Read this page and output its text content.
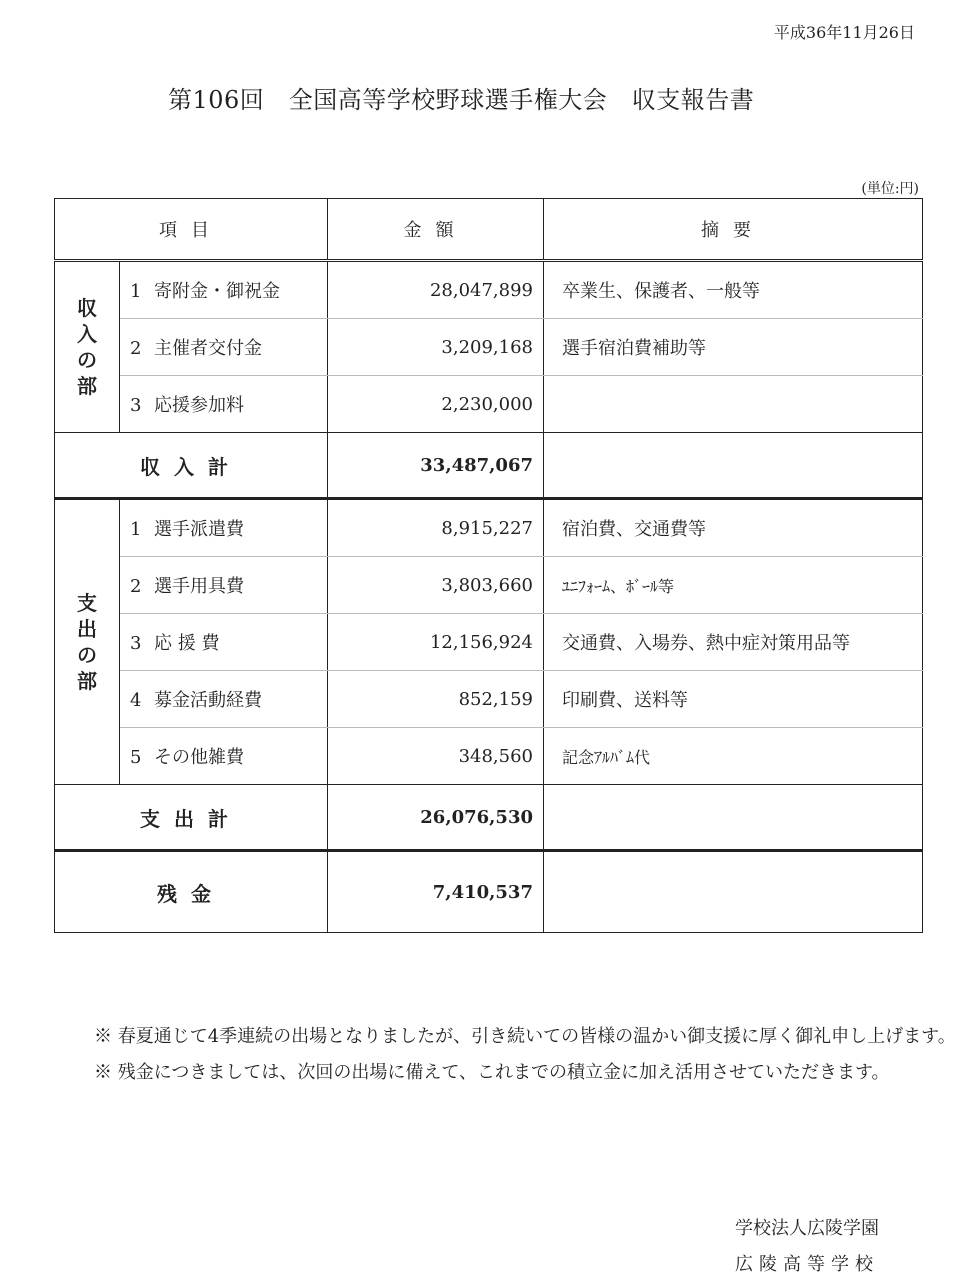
平成36年11月26日
第106回　全国高等学校野球選手権大会　収支報告書
(単位:円)
項目		金額	摘要
収入の部	1 寄附金・御祝金	28,047,899	卒業生、保護者、一般等
	2 主催者交付金	3,209,168	選手宿泊費補助等
	3 応援参加料	2,230,000	
収入計		33,487,067	
支出の部	1 選手派遣費	8,915,227	宿泊費、交通費等
	2 選手用具費	3,803,660	ﾕﾆﾌｫｰﾑ、ﾎﾞｰﾙ等
	3 応 援 費	12,156,924	交通費、入場券、熱中症対策用品等
	4 募金活動経費	852,159	印刷費、送料等
	5 その他雑費	348,560	記念ｱﾙﾊﾞﾑ代
支出計		26,076,530	
残金		7,410,537	

※ 春夏通じて4季連続の出場となりましたが、引き続いての皆様の温かい御支援に厚く御礼申し上げます。

※ 残金につきましては、次回の出場に備えて、これまでの積立金に加え活用させていただきます。

学校法人広陵学園
広陵高等学校
